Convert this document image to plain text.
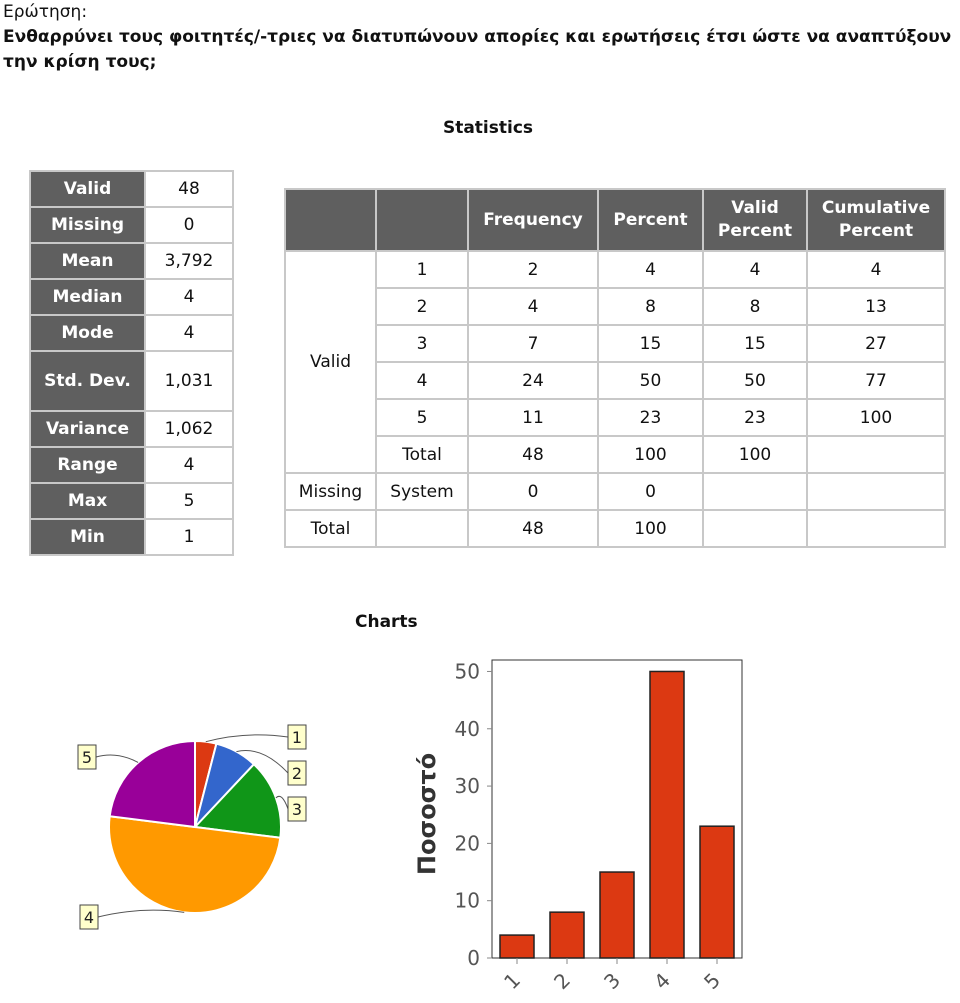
Ερώτηση:
Ενθαρρύνει τους φοιτητές/-τριες να διατυπώνουν απορίες και ερωτήσεις έτσι ώστε να αναπτύξουν την κρίση τους;
Statistics
Valid	48
Missing	0
Mean	3,792
Median	4
Mode	4
Std. Dev.	1,031
Variance	1,062
Range	4
Max	5
Min	1
		Frequency	Percent	Valid Percent	Cumulative Percent
Valid	1	2	4	4	4
	2	4	8	8	13
	3	7	15	15	27
	4	24	50	50	77
	5	11	23	23	100
	Total	48	100	100	
Missing	System	0	0		
Total		48	100		
Charts
1
2
3
4
5
0
10
20
30
40
50
Ποσοστό
1 2 3 4 5
